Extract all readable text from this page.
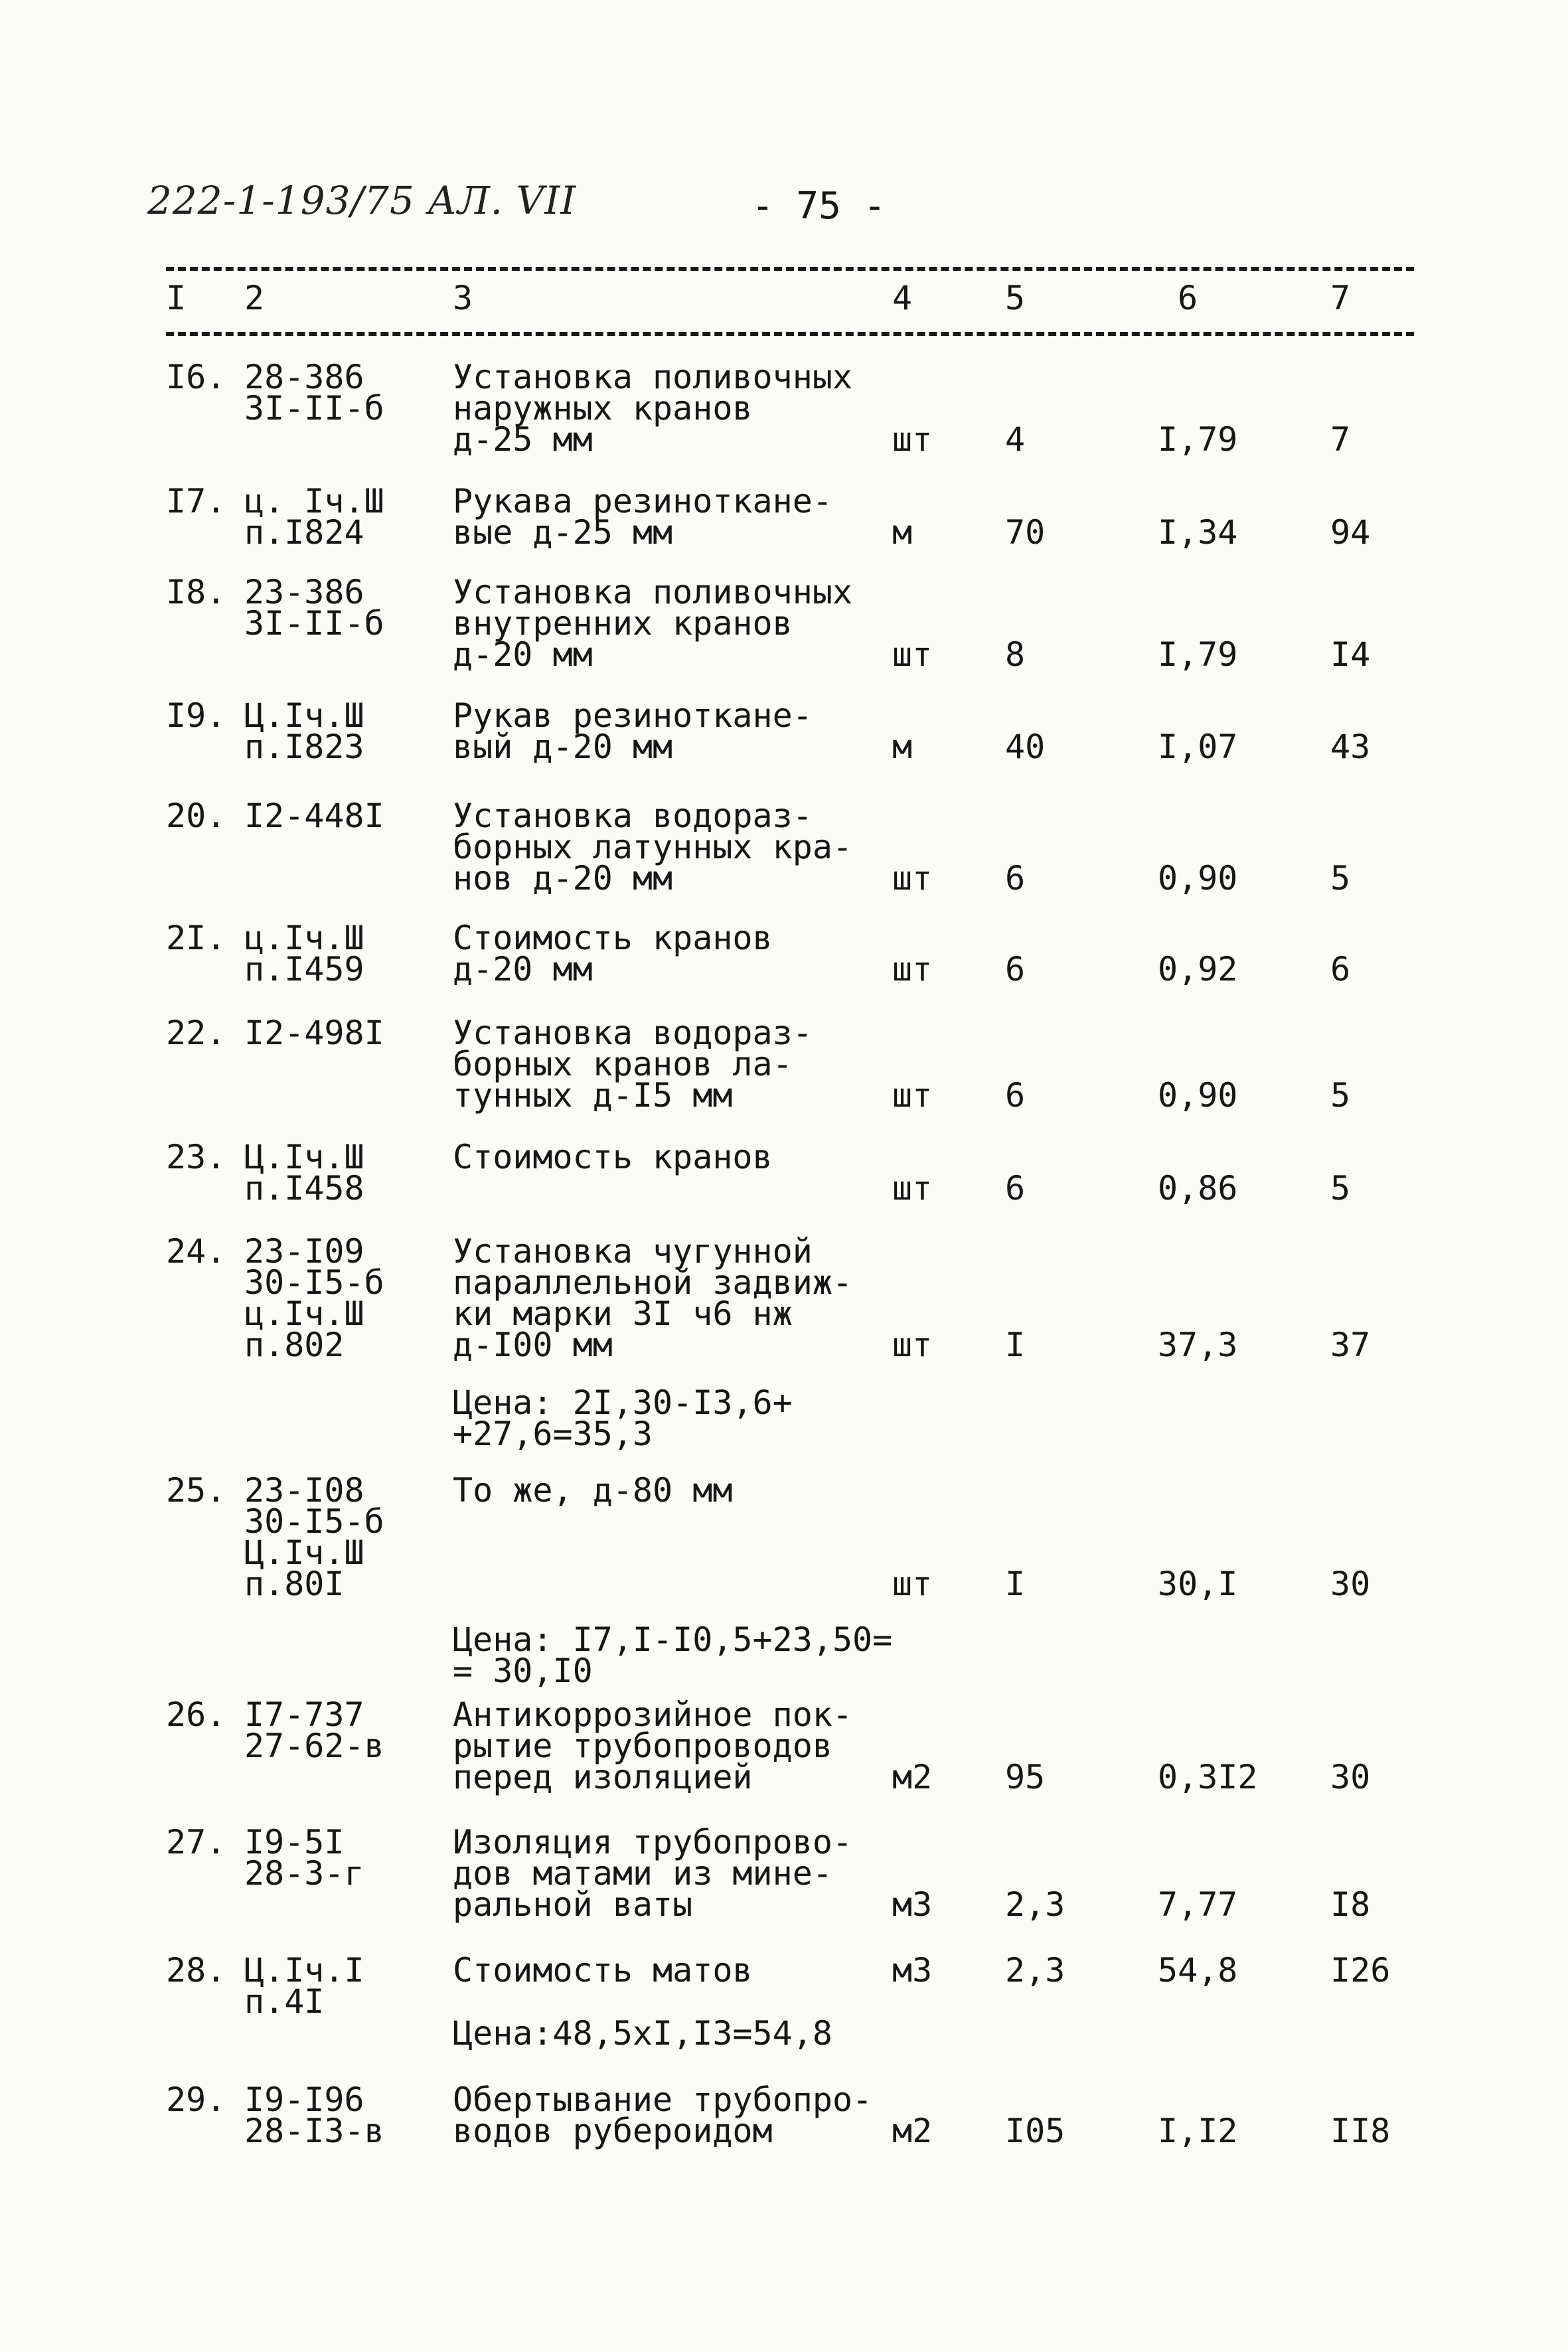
222-1-193/75 АЛ. VII	- 75 -
I 2	3	4	5	6	7
I6. 28-386
3I-II-б
Установка поливочных
наружных кранов
д-25 мм	шт 4	I,79	7
I7. ц. Iч.Ш
п.I824
Рукава резинотканe-
вые д-25 мм	м	70	I,34	94
I8. 23-386
3I-II-б
Установка поливочных
внутренних кранов
д-20 мм	шт 8	I,79	I4
I9. Ц.Iч.Ш
п.I823
Рукав резинотканe-
вый д-20 мм	м	40	I,07	43
20. I2-448I Установка водораз-
борных латунных кра-
нов д-20 мм	шт 6	0,90	5
2I. ц.Iч.Ш
п.I459
Стоимость кранов
д-20 мм	шт 6	0,92	6
22. I2-498I Установка водораз-
борных кранов ла-
тунных д-I5 мм	шт 6	0,90	5
23. Ц.Iч.Ш
п.I458
Стоимость кранов
шт 6	0,86	5
24. 23-I09
30-I5-б
ц.Iч.Ш
п.802
Установка чугунной
параллельной задвиж-
ки марки 3I ч6 нж
д-I00 мм	шт I	37,3	37
Цена: 2I,30-I3,6+
+27,6=35,3
25. 23-I08
30-I5-б
Ц.Iч.Ш
п.80I
То же, д-80 мм
шт I	30,I	30
Цена: I7,I-I0,5+23,50=
= 30,I0
26. I7-737
27-62-в
Антикоррозийное пок-
рытие трубопроводов
перед изоляцией	м2 95	0,3I2 30
27. I9-5I
28-3-г
Изоляция трубопрово-
дов матами из мине-
ральной ваты	м3 2,3	7,77	I8
28. Ц.Iч.I
п.4I
Стоимость матов	м3 2,3	54,8	I26
Цена:48,5хI,I3=54,8
29. I9-I96
28-I3-в
Обертывание трубопро-
водов рубероидом	м2 I05	I,I2	II8
